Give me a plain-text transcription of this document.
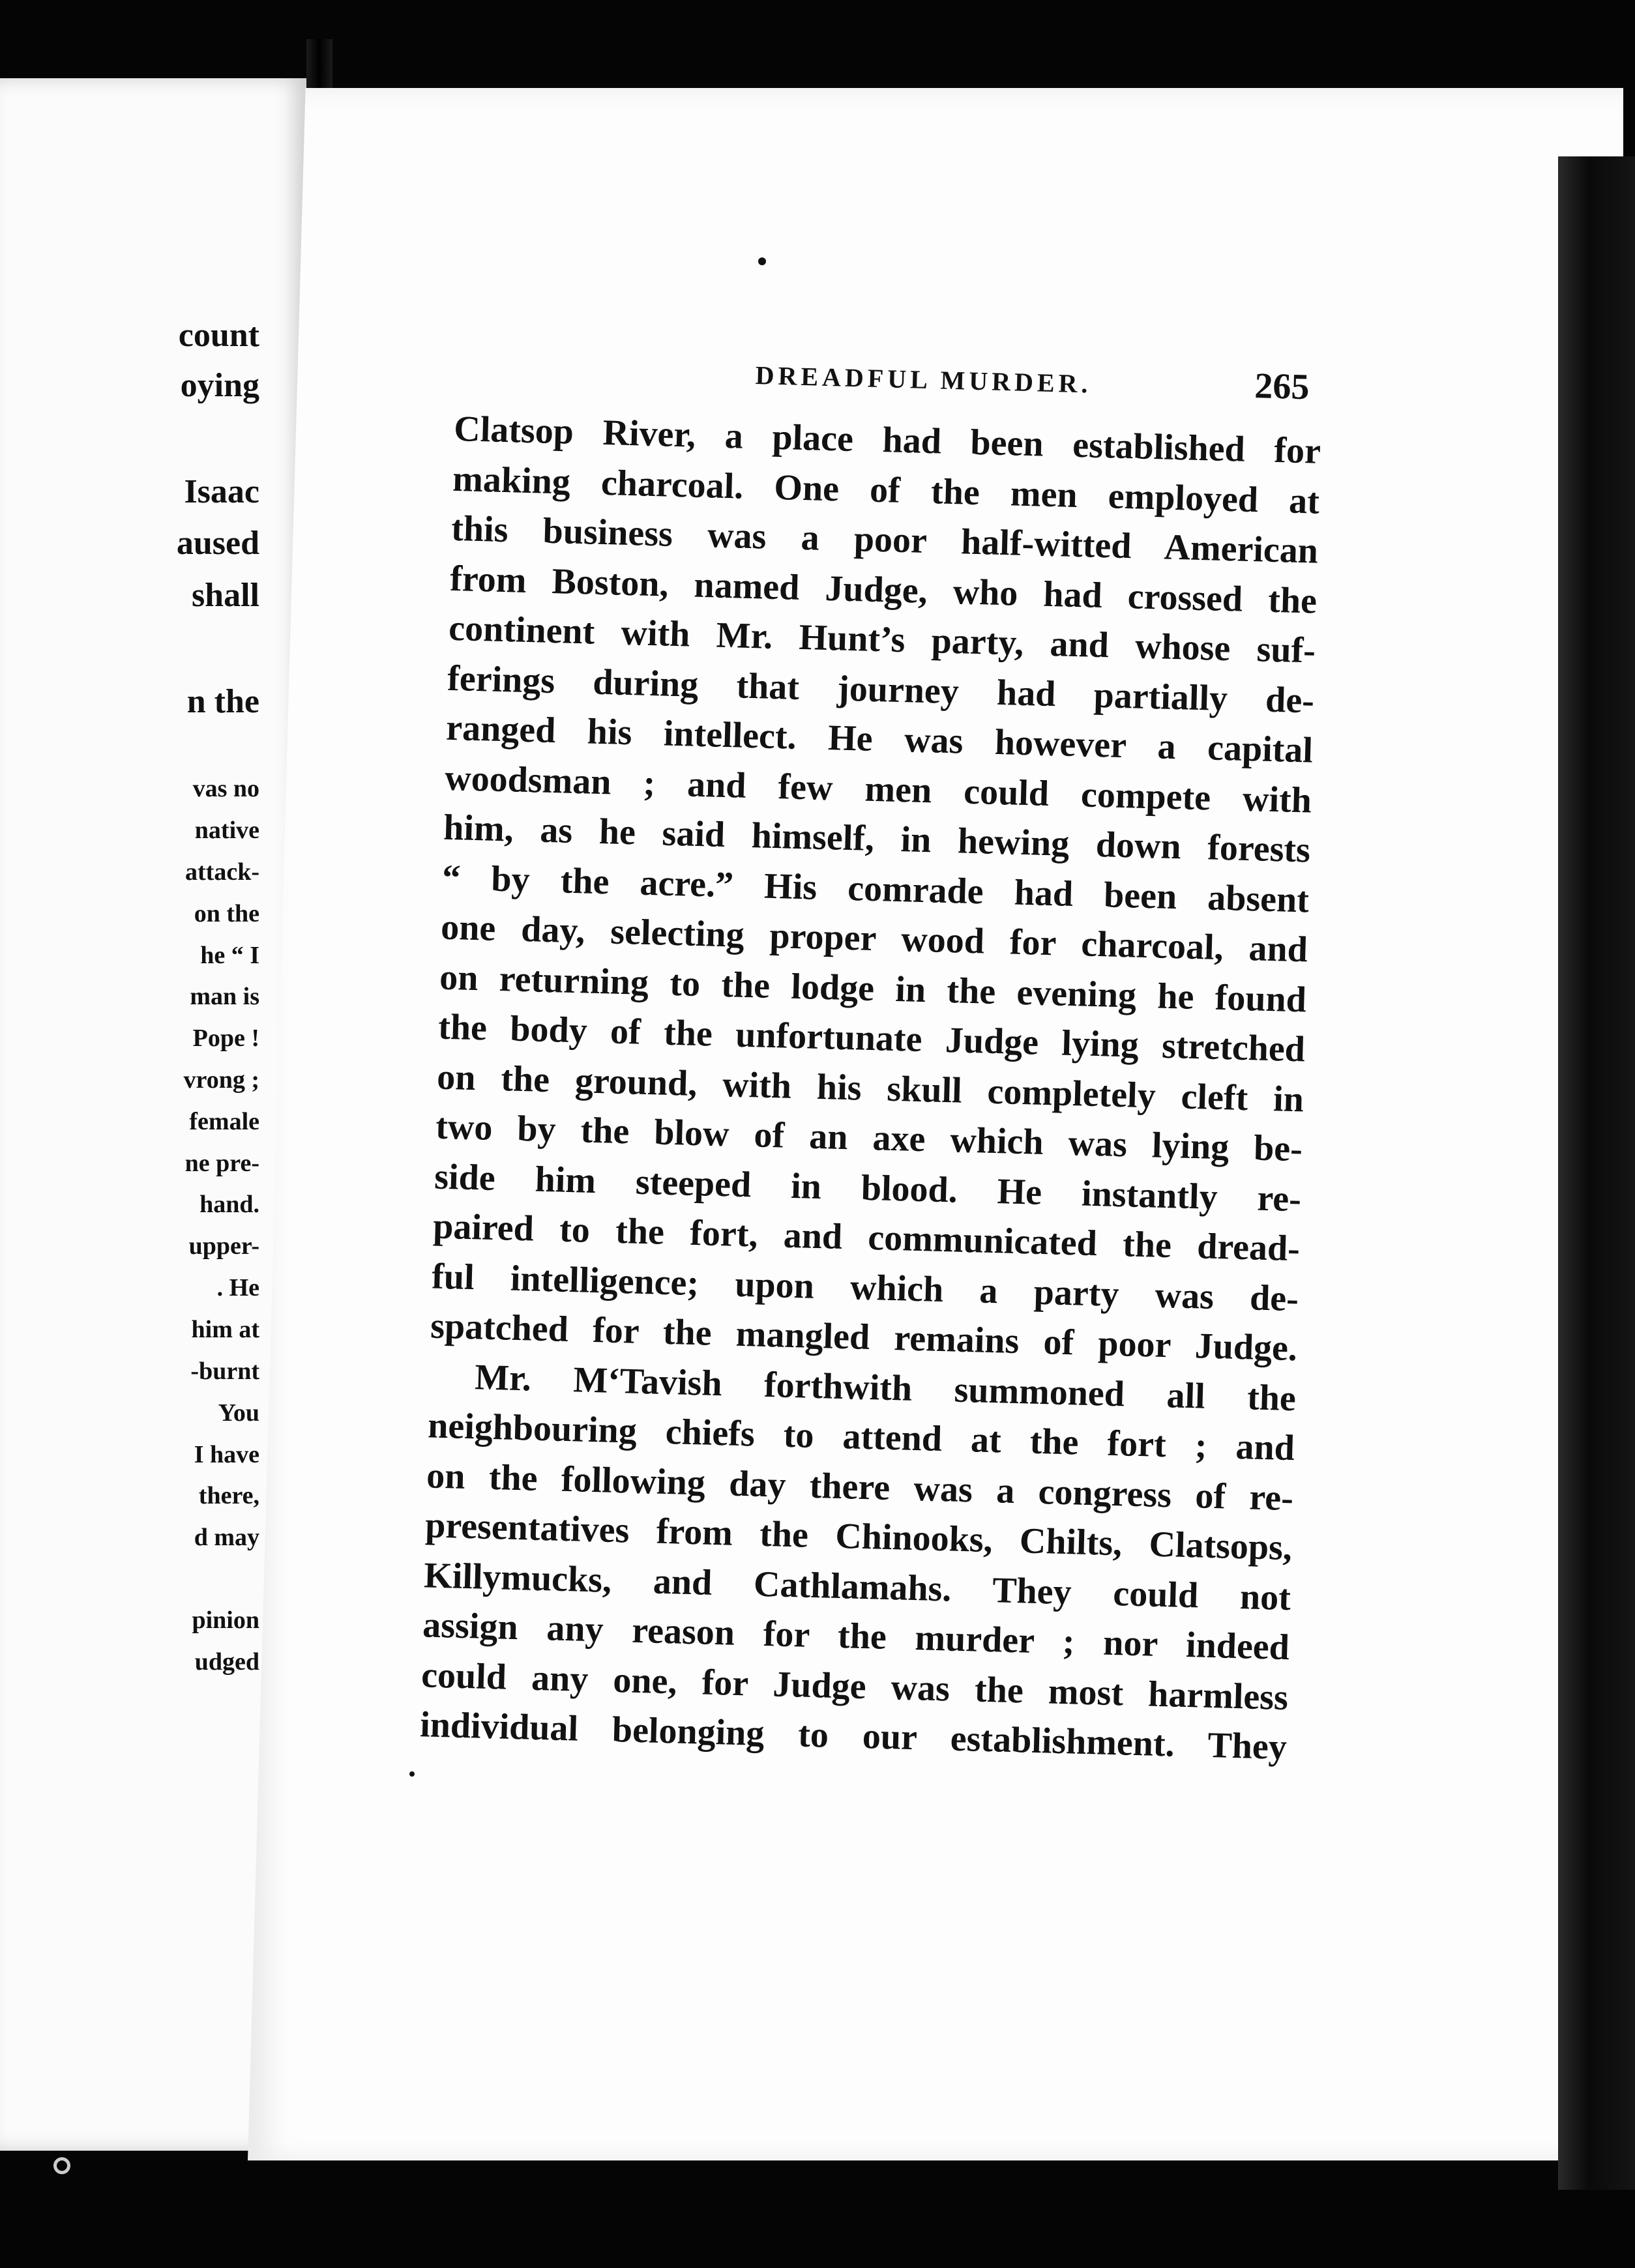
count
oying
Isaac
aused
shall
n the
vas no
native
attack-
on the
he “ I
man is
Pope !
vrong ;
female
ne pre-
hand.
upper-
. He
him at
-burnt
You
I have
there,
d may
pinion
udged
DREADFUL MURDER.	265
Clatsop River, a place had been established for
making charcoal. One of the men employed at
this business was a poor half-witted American
from Boston, named Judge, who had crossed the
continent with Mr. Hunt’s party, and whose suf-
ferings during that journey had partially de-
ranged his intellect. He was however a capital
woodsman ; and few men could compete with
him, as he said himself, in hewing down forests
“ by the acre.” His comrade had been absent
one day, selecting proper wood for charcoal, and
on returning to the lodge in the evening he found
the body of the unfortunate Judge lying stretched
on the ground, with his skull completely cleft in
two by the blow of an axe which was lying be-
side him steeped in blood. He instantly re-
paired to the fort, and communicated the dread-
ful intelligence; upon which a party was de-
spatched for the mangled remains of poor Judge.
Mr. M‘Tavish forthwith summoned all the
neighbouring chiefs to attend at the fort ; and
on the following day there was a congress of re-
presentatives from the Chinooks, Chilts, Clatsops,
Killymucks, and Cathlamahs. They could not
assign any reason for the murder ; nor indeed
could any one, for Judge was the most harmless
individual belonging to our establishment. They
